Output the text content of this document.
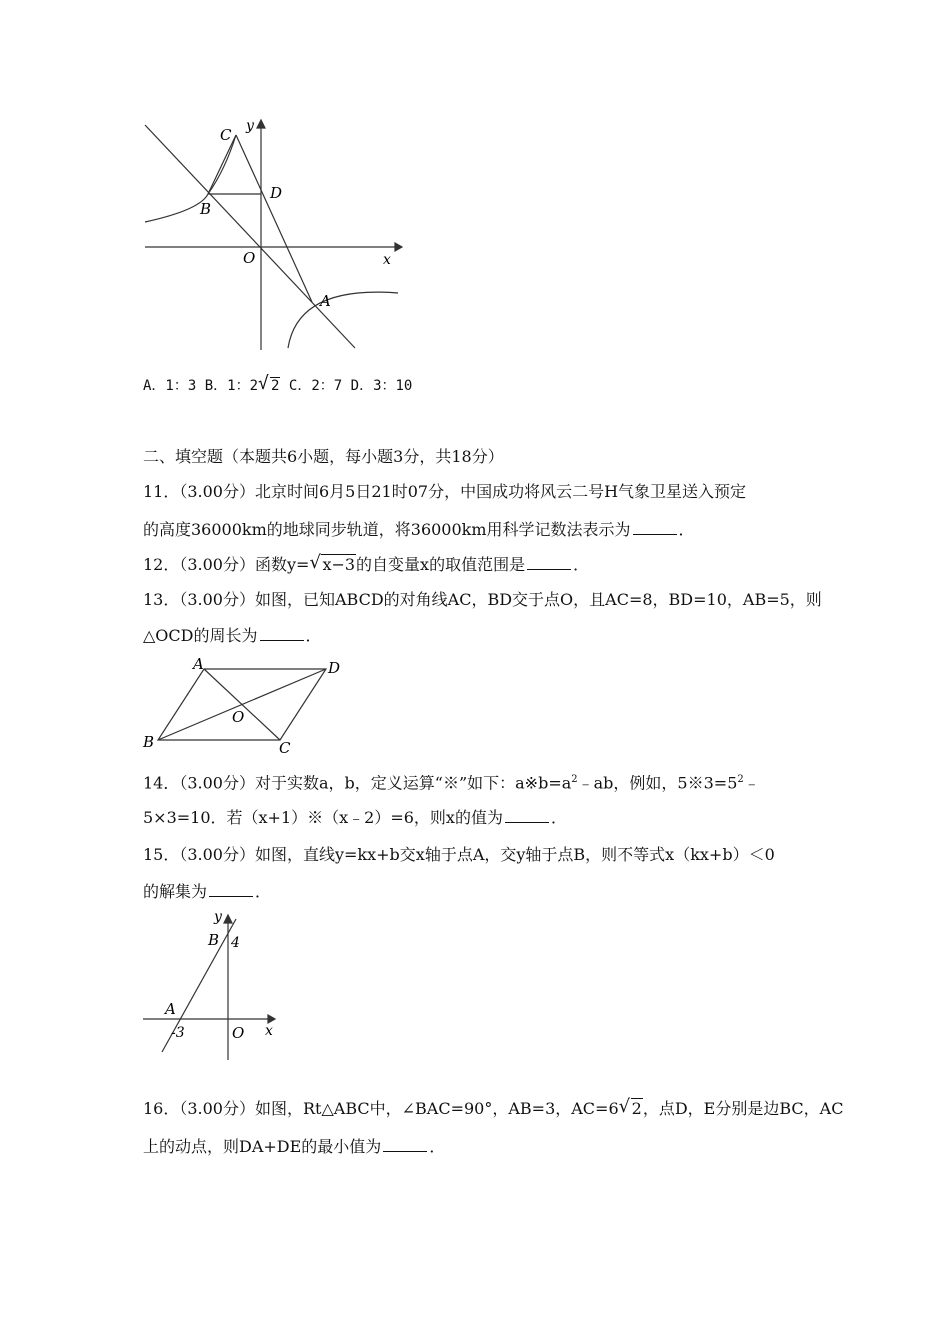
C y
B
D
O	x
A
A．1：3 B．1：2 √ 2 C．2：7 D．3：10
二、填空题（本题共6小题，每小题3分，共18分）
11．（3.00分）北京时间6月5日21时07分，中国成功将风云二号H气象卫星送入预定
的高度36000km的地球同步轨道，将36000km用科学记数法表示为	．
12．（3.00分）函数y= √ x−3的自变量x的取值范围是	．
13．（3.00分）如图，已知ABCD的对角线AC，BD交于点O，且AC=8，BD=10，AB=5，则
△OCD的周长为	．
A	D
O
B	C
14．（3.00分）对于实数a，b，定义运算“※”如下：$a※b=a^2﹣ab$，例如，$5※3=5^2﹣$
5×3=10．若（x+1）※（x﹣2）=6，则x的值为	．
15．（3.00分）如图，直线y=kx+b交x轴于点A，交y轴于点B，则不等式x（kx+b）＜0
的解集为	．
y
B 4
A
-3	O x
16．（3.00分）如图，Rt△ABC中，∠BAC=90°，AB=3，AC=6 √ 2，点D，E分别是边BC，AC
上的动点，则DA+DE的最小值为	．
